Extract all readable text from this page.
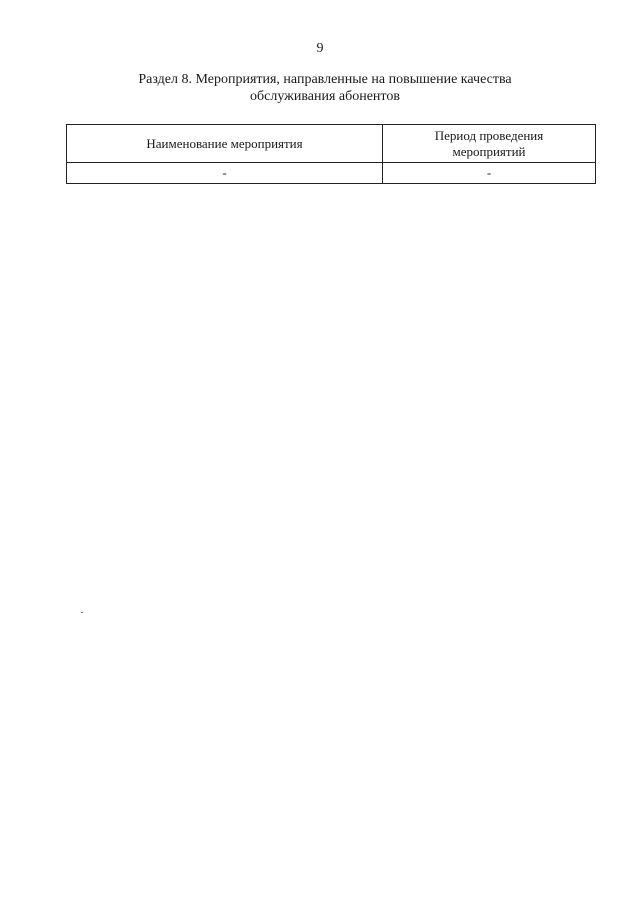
9
Раздел 8. Мероприятия, направленные на повышение качества
обслуживания абонентов
Наименование мероприятия	Период проведения
мероприятий

-	-
